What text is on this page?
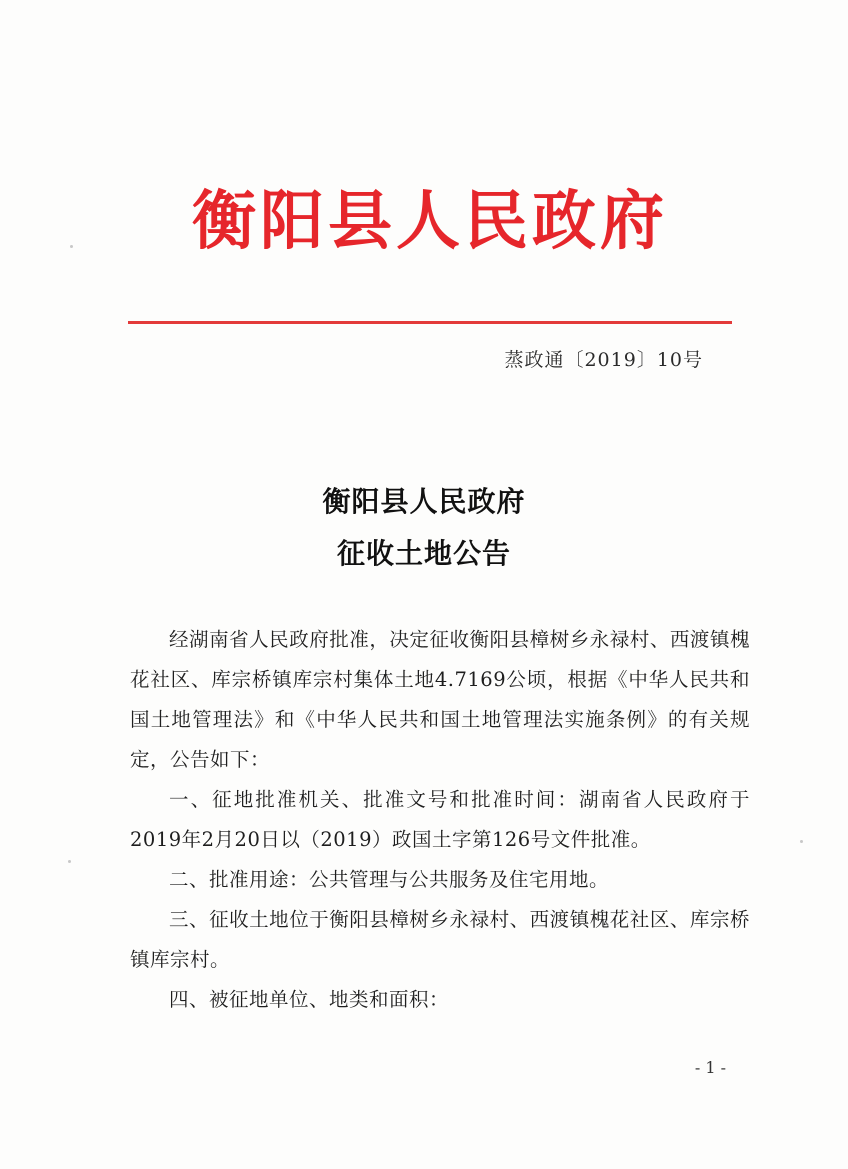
衡阳县人民政府
蒸政通〔2019〕10号
衡阳县人民政府
征收土地公告

经湖南省人民政府批准，决定征收衡阳县樟树乡永禄村、西渡镇槐花社区、库宗桥镇库宗村集体土地4.7169公顷，根据《中华人民共和国土地管理法》和《中华人民共和国土地管理法实施条例》的有关规定，公告如下：

一、征地批准机关、批准文号和批准时间：湖南省人民政府于2019年2月20日以（2019）政国土字第126号文件批准。

二、批准用途：公共管理与公共服务及住宅用地。

三、征收土地位于衡阳县樟树乡永禄村、西渡镇槐花社区、库宗桥镇库宗村。

四、被征地单位、地类和面积：

- 1 -
